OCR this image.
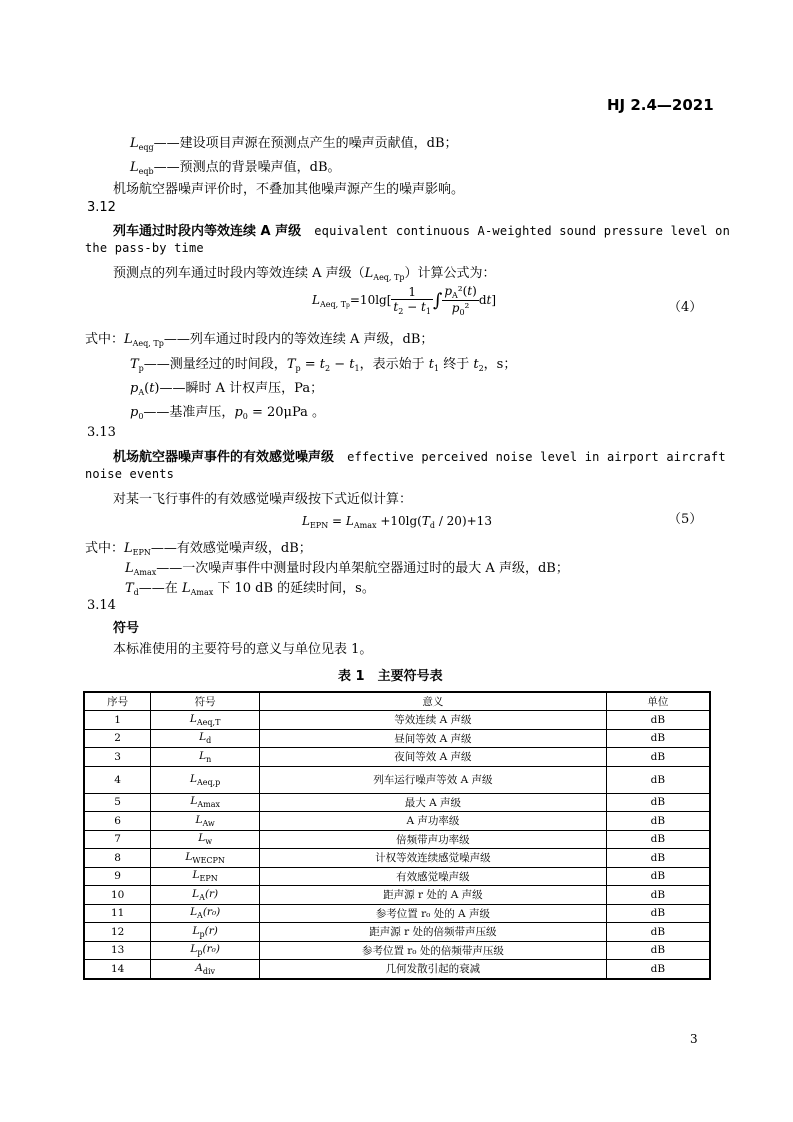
HJ 2.4—2021
$L_{eqg}——$建设项目声源在预测点产生的噪声贡献值，dB；
$L_{eqb}——$预测点的背景噪声值，dB。
机场航空器噪声评价时，不叠加其他噪声源产生的噪声影响。
3.12
列车通过时段内等效连续 A 声级 equivalent continuous A-weighted sound pressure level on
the pass-by time
预测点的列车通过时段内等效连续 A 声级$(L_{Aeq, Tp})$计算公式为：
$L_{Aeq, Tp}=10\lg[ \frac{1}{t_2 - t_1}$ ∫ $\frac{p_A^2(t)}{p_0^2} dt$]	（4）
式中：$L_{Aeq, Tp}——$列车通过时段内的等效连续 A 声级，dB；
$T_p——$测量经过的时间段，$T_p = t_2 - t_1$，表示始于 $t_1$ 终于 $t_2$，s；
$p_A(t)——$瞬时 A 计权声压，Pa；
$p_0——$基准声压，$p_0 = 20\mu Pa$ 。
3.13
机场航空器噪声事件的有效感觉噪声级 effective perceived noise level in airport aircraft
noise events
对某一飞行事件的有效感觉噪声级按下式近似计算：
$L_{EPN} = L_{Amax} +10\lg(T_d / 20)+13$	（5）
式中：$L_{EPN}——$有效感觉噪声级，dB；
$L_{Amax}——$一次噪声事件中测量时段内单架航空器通过时的最大 A 声级，dB；
$T_d——$在 $L_{Amax}$ 下 10 dB 的延续时间，s。
3.14
符号
本标准使用的主要符号的意义与单位见表 1。
表 1　主要符号表
序号	符号	意义	单位
1	$L_{Aeq,T}$	等效连续 A 声级	dB
2	$L_d$	昼间等效 A 声级	dB
3	$L_n$	夜间等效 A 声级	dB
4	$L_{Aeq,p}$	列车运行噪声等效 A 声级	dB
5	$L_{Amax}$	最大 A 声级	dB
6	$L_{Aw}$	A 声功率级	dB
7	$L_w$	倍频带声功率级	dB
8	$L_{WECPN}$	计权等效连续感觉噪声级	dB
9	$L_{EPN}$	有效感觉噪声级	dB
10	$L_A(r)$	距声源 r 处的 A 声级	dB
11	$L_A(r_0)$	参考位置 r₀ 处的 A 声级	dB
12	$L_p(r)$	距声源 r 处的倍频带声压级	dB
13	$L_p(r_0)$	参考位置 r₀ 处的倍频带声压级	dB
14	$A_{div}$	几何发散引起的衰减	dB
3
